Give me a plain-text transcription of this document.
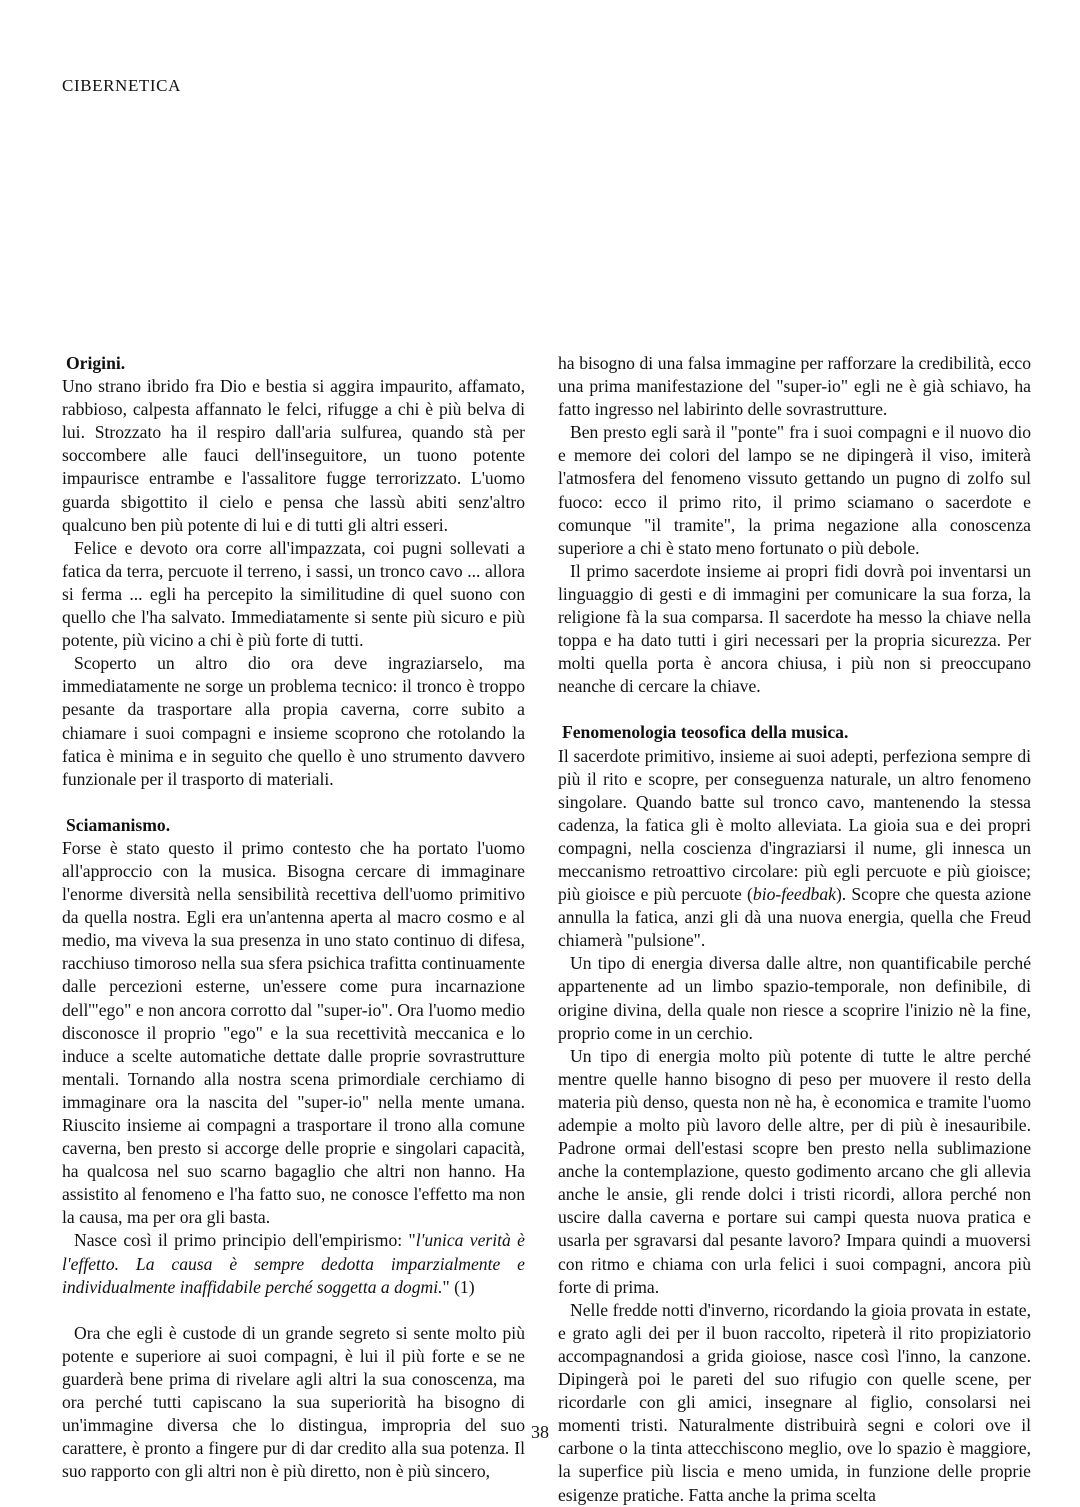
CIBERNETICA
Origini.

Uno strano ibrido fra Dio e bestia si aggira impaurito, affamato, rabbioso, calpesta affannato le felci, rifugge a chi è più belva di lui. Strozzato ha il respiro dall'aria sulfurea, quando stà per soccombere alle fauci dell'inseguitore, un tuono potente impaurisce entrambe e l'assalitore fugge terrorizzato. L'uomo guarda sbigottito il cielo e pensa che lassù abiti senz'altro qualcuno ben più potente di lui e di tutti gli altri esseri.

Felice e devoto ora corre all'impazzata, coi pugni sollevati a fatica da terra, percuote il terreno, i sassi, un tronco cavo ... allora si ferma ... egli ha percepito la similitudine di quel suono con quello che l'ha salvato. Immediatamente si sente più sicuro e più potente, più vicino a chi è più forte di tutti.

Scoperto un altro dio ora deve ingraziarselo, ma immediatamente ne sorge un problema tecnico: il tronco è troppo pesante da trasportare alla propia caverna, corre subito a chiamare i suoi compagni e insieme scoprono che rotolando la fatica è minima e in seguito che quello è uno strumento davvero funzionale per il trasporto di materiali.

Sciamanismo.

Forse è stato questo il primo contesto che ha portato l'uomo all'approccio con la musica. Bisogna cercare di immaginare l'enorme diversità nella sensibilità recettiva dell'uomo primitivo da quella nostra. Egli era un'antenna aperta al macro cosmo e al medio, ma viveva la sua presenza in uno stato continuo di difesa, racchiuso timoroso nella sua sfera psichica trafitta continuamente dalle percezioni esterne, un'essere come pura incarnazione dell'"ego" e non ancora corrotto dal "super-io". Ora l'uomo medio disconosce il proprio "ego" e la sua recettività meccanica e lo induce a scelte automatiche dettate dalle proprie sovrastrutture mentali. Tornando alla nostra scena primordiale cerchiamo di immaginare ora la nascita del "super-io" nella mente umana. Riuscito insieme ai compagni a trasportare il trono alla comune caverna, ben presto si accorge delle proprie e singolari capacità, ha qualcosa nel suo scarno bagaglio che altri non hanno. Ha assistito al fenomeno e l'ha fatto suo, ne conosce l'effetto ma non la causa, ma per ora gli basta.

Nasce così il primo principio dell'empirismo: "l'unica verità è l'effetto. La causa è sempre dedotta imparzialmente e individualmente inaffidabile perché soggetta a dogmi." (1)

Ora che egli è custode di un grande segreto si sente molto più potente e superiore ai suoi compagni, è lui il più forte e se ne guarderà bene prima di rivelare agli altri la sua conoscenza, ma ora perché tutti capiscano la sua superiorità ha bisogno di un'immagine diversa che lo distingua, impropria del suo carattere, è pronto a fingere pur di dar credito alla sua potenza. Il suo rapporto con gli altri non è più diretto, non è più sincero,

ha bisogno di una falsa immagine per rafforzare la credibilità, ecco una prima manifestazione del "super-io" egli ne è già schiavo, ha fatto ingresso nel labirinto delle sovrastrutture.

Ben presto egli sarà il "ponte" fra i suoi compagni e il nuovo dio e memore dei colori del lampo se ne dipingerà il viso, imiterà l'atmosfera del fenomeno vissuto gettando un pugno di zolfo sul fuoco: ecco il primo rito, il primo sciamano o sacerdote e comunque "il tramite", la prima negazione alla conoscenza superiore a chi è stato meno fortunato o più debole.

Il primo sacerdote insieme ai propri fidi dovrà poi inventarsi un linguaggio di gesti e di immagini per comunicare la sua forza, la religione fà la sua comparsa. Il sacerdote ha messo la chiave nella toppa e ha dato tutti i giri necessari per la propria sicurezza. Per molti quella porta è ancora chiusa, i più non si preoccupano neanche di cercare la chiave.

Fenomenologia teosofica della musica.

Il sacerdote primitivo, insieme ai suoi adepti, perfeziona sempre di più il rito e scopre, per conseguenza naturale, un altro fenomeno singolare. Quando batte sul tronco cavo, mantenendo la stessa cadenza, la fatica gli è molto alleviata. La gioia sua e dei propri compagni, nella coscienza d'ingraziarsi il nume, gli innesca un meccanismo retroattivo circolare: più egli percuote e più gioisce; più gioisce e più percuote (bio-feedbak). Scopre che questa azione annulla la fatica, anzi gli dà una nuova energia, quella che Freud chiamerà "pulsione".

Un tipo di energia diversa dalle altre, non quantificabile perché appartenente ad un limbo spazio-temporale, non definibile, di origine divina, della quale non riesce a scoprire l'inizio nè la fine, proprio come in un cerchio.

Un tipo di energia molto più potente di tutte le altre perché mentre quelle hanno bisogno di peso per muovere il resto della materia più denso, questa non nè ha, è economica e tramite l'uomo adempie a molto più lavoro delle altre, per di più è inesauribile. Padrone ormai dell'estasi scopre ben presto nella sublimazione anche la contemplazione, questo godimento arcano che gli allevia anche le ansie, gli rende dolci i tristi ricordi, allora perché non uscire dalla caverna e portare sui campi questa nuova pratica e usarla per sgravarsi dal pesante lavoro? Impara quindi a muoversi con ritmo e chiama con urla felici i suoi compagni, ancora più forte di prima.

Nelle fredde notti d'inverno, ricordando la gioia provata in estate, e grato agli dei per il buon raccolto, ripeterà il rito propiziatorio accompagnandosi a grida gioiose, nasce così l'inno, la canzone. Dipingerà poi le pareti del suo rifugio con quelle scene, per ricordarle con gli amici, insegnare al figlio, consolarsi nei momenti tristi. Naturalmente distribuirà segni e colori ove il carbone o la tinta attecchiscono meglio, ove lo spazio è maggiore, la superfice più liscia e meno umida, in funzione delle proprie esigenze pratiche. Fatta anche la prima scelta

38
